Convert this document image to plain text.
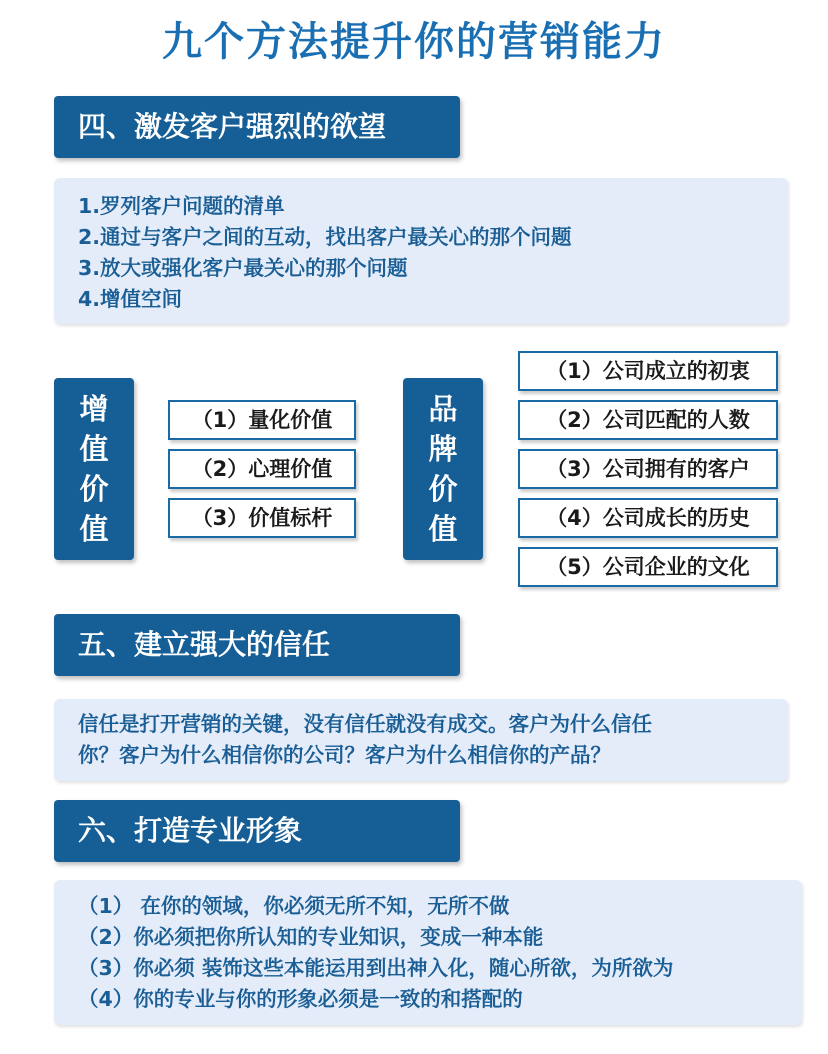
九个方法提升你的营销能力
四、激发客户强烈的欲望
1.罗列客户问题的清单
2.通过与客户之间的互动，找出客户最关心的那个问题
3.放大或强化客户最关心的那个问题
4.增值空间
增
值
价
值
（1）量化价值
（2）心理价值
（3）价值标杆
品
牌
价
值
（1）公司成立的初衷
（2）公司匹配的人数
（3）公司拥有的客户
（4）公司成长的历史
（5）公司企业的文化
五、建立强大的信任
信任是打开营销的关键，没有信任就没有成交。客户为什么信任
你？客户为什么相信你的公司？客户为什么相信你的产品？
六、打造专业形象
（1） 在你的领域，你必须无所不知，无所不做
（2）你必须把你所认知的专业知识，变成一种本能
（3）你必须 装饰这些本能运用到出神入化，随心所欲，为所欲为
（4）你的专业与你的形象必须是一致的和搭配的
